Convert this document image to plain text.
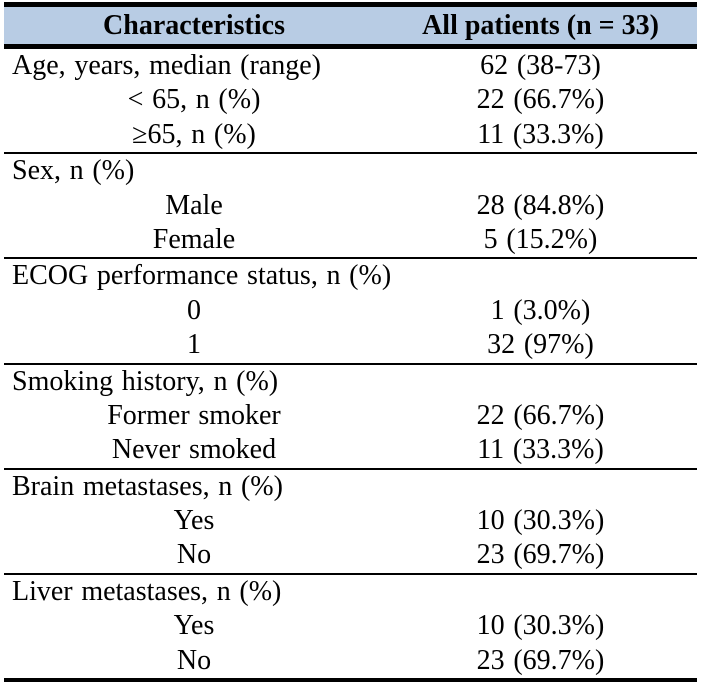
Characteristics	All patients (n = 33)
Age, years, median (range)	62 (38-73)
< 65, n (%)	22 (66.7%)
≥65, n (%)	11 (33.3%)
Sex, n (%)
Male	28 (84.8%)
Female	5 (15.2%)
ECOG performance status, n (%)
0	1 (3.0%)
1	32 (97%)
Smoking history, n (%)
Former smoker	22 (66.7%)
Never smoked	11 (33.3%)
Brain metastases, n (%)
Yes	10 (30.3%)
No	23 (69.7%)
Liver metastases, n (%)
Yes	10 (30.3%)
No	23 (69.7%)
